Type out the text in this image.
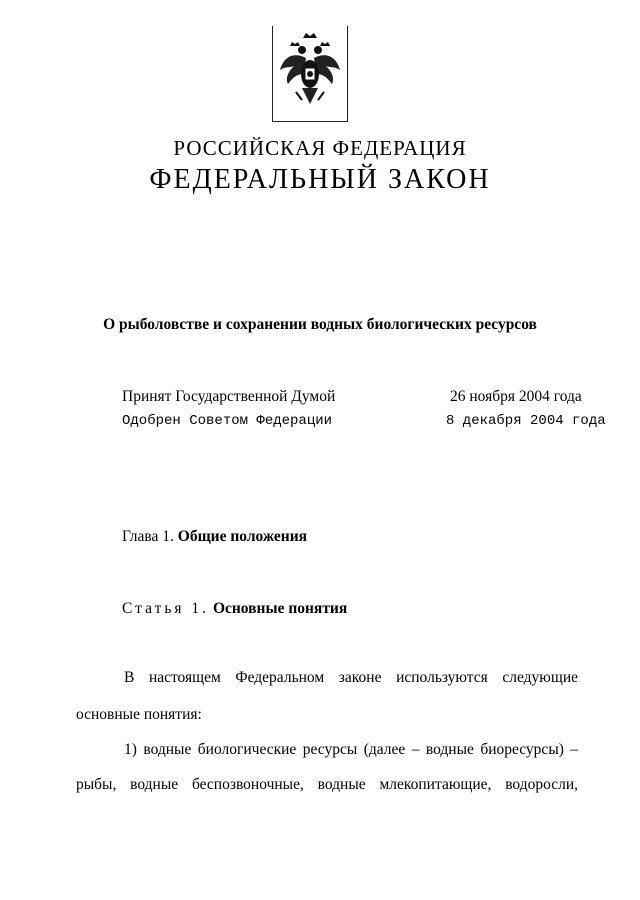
РОССИЙСКАЯ ФЕДЕРАЦИЯ
ФЕДЕРАЛЬНЫЙ ЗАКОН
О рыболовстве и сохранении водных биологических ресурсов
Принят Государственной Думой	26 ноября 2004 года
Одобрен Советом Федерации	8 декабря 2004 года
Глава 1. Общие положения
Статья 1. Основные понятия
В настоящем Федеральном законе используются следующие
основные понятия:
1) водные биологические ресурсы (далее – водные биоресурсы) –
рыбы, водные беспозвоночные, водные млекопитающие, водоросли,
